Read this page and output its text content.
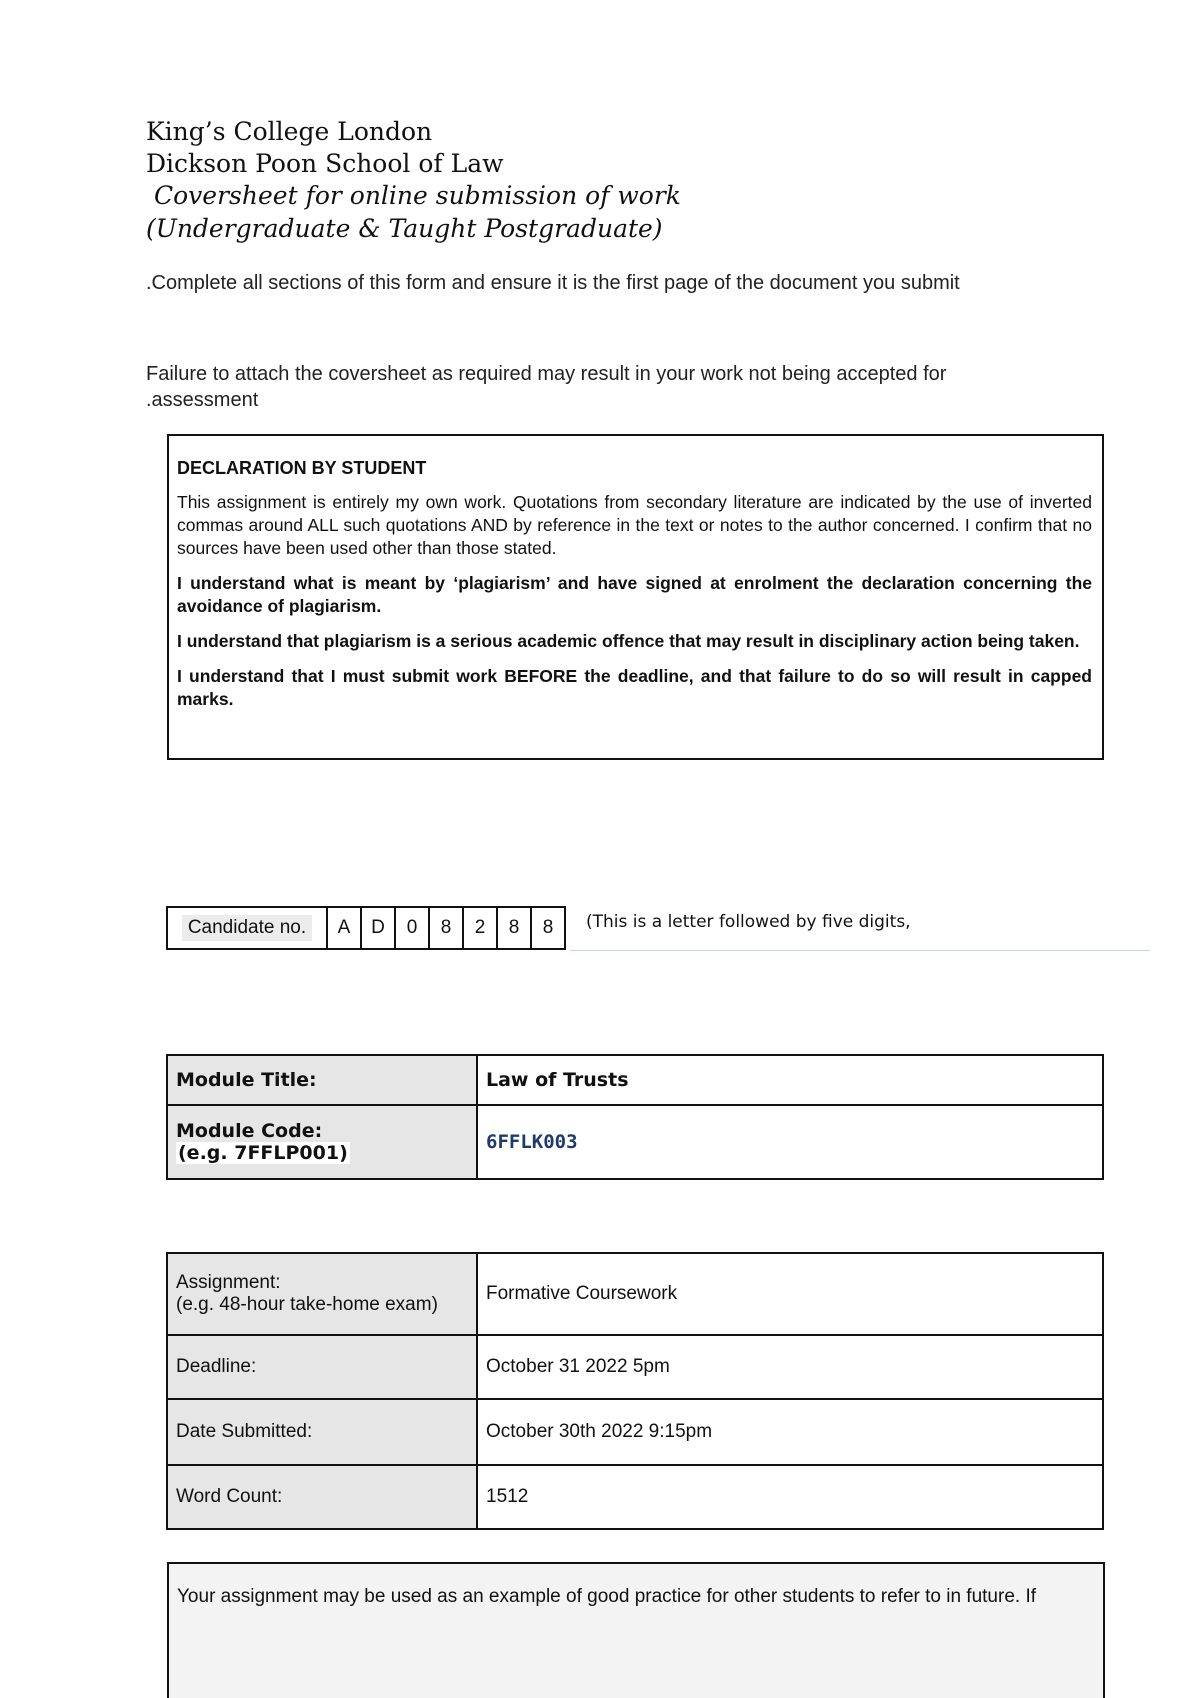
King’s College London
Dickson Poon School of Law
Coversheet for online submission of work
(Undergraduate & Taught Postgraduate)
.Complete all sections of this form and ensure it is the first page of the document you submit
Failure to attach the coversheet as required may result in your work not being accepted for
.assessment
DECLARATION BY STUDENT

This assignment is entirely my own work. Quotations from secondary literature are indicated by the use of inverted commas around ALL such quotations AND by reference in the text or notes to the author concerned. I confirm that no sources have been used other than those stated.

I understand what is meant by ‘plagiarism’ and have signed at enrolment the declaration concerning the avoidance of plagiarism.

I understand that plagiarism is a serious academic offence that may result in disciplinary action being taken.

I understand that I must submit work BEFORE the deadline, and that failure to do so will result in capped marks.

Candidate no.	A	D	0	8	2	8	8	(This is a letter followed by five digits,
Module Title:	Law of Trusts

Module Code:
(e.g. 7FFLP001)	6FFLK003
Assignment:
(e.g. 48-hour take-home exam)	Formative Coursework
Deadline:	October 31 2022 5pm
Date Submitted:	October 30th 2022 9:15pm
Word Count:	1512
Your assignment may be used as an example of good practice for other students to refer to in future. If
